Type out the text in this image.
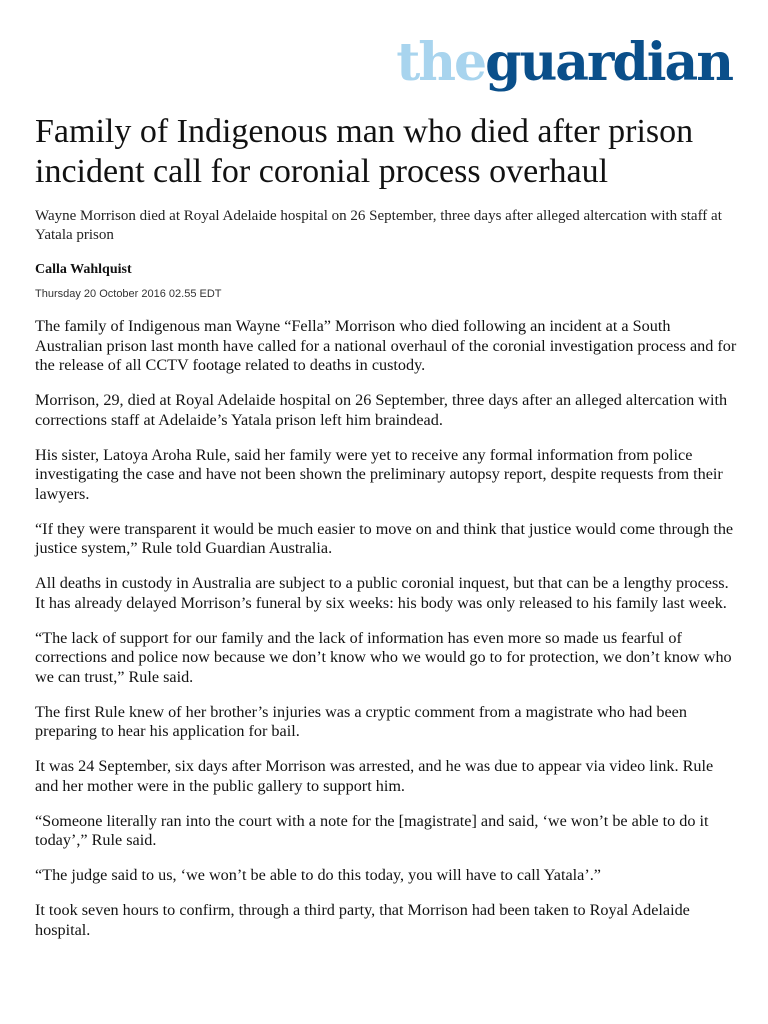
theguardian
Family of Indigenous man who died after prison incident call for coronial process overhaul

Wayne Morrison died at Royal Adelaide hospital on 26 September, three days after alleged altercation with staff at Yatala prison

Calla Wahlquist

Thursday 20 October 2016 02.55 EDT

The family of Indigenous man Wayne “Fella” Morrison who died following an incident at a South Australian prison last month have called for a national overhaul of the coronial investigation process and for the release of all CCTV footage related to deaths in custody.

Morrison, 29, died at Royal Adelaide hospital on 26 September, three days after an alleged altercation with corrections staff at Adelaide’s Yatala prison left him braindead.

His sister, Latoya Aroha Rule, said her family were yet to receive any formal information from police investigating the case and have not been shown the preliminary autopsy report, despite requests from their lawyers.

“If they were transparent it would be much easier to move on and think that justice would come through the justice system,” Rule told Guardian Australia.

All deaths in custody in Australia are subject to a public coronial inquest, but that can be a lengthy process. It has already delayed Morrison’s funeral by six weeks: his body was only released to his family last week.

“The lack of support for our family and the lack of information has even more so made us fearful of corrections and police now because we don’t know who we would go to for protection, we don’t know who we can trust,” Rule said.

The first Rule knew of her brother’s injuries was a cryptic comment from a magistrate who had been preparing to hear his application for bail.

It was 24 September, six days after Morrison was arrested, and he was due to appear via video link. Rule and her mother were in the public gallery to support him.

“Someone literally ran into the court with a note for the [magistrate] and said, ‘we won’t be able to do it today’,” Rule said.

“The judge said to us, ‘we won’t be able to do this today, you will have to call Yatala’.”

It took seven hours to confirm, through a third party, that Morrison had been taken to Royal Adelaide hospital.
